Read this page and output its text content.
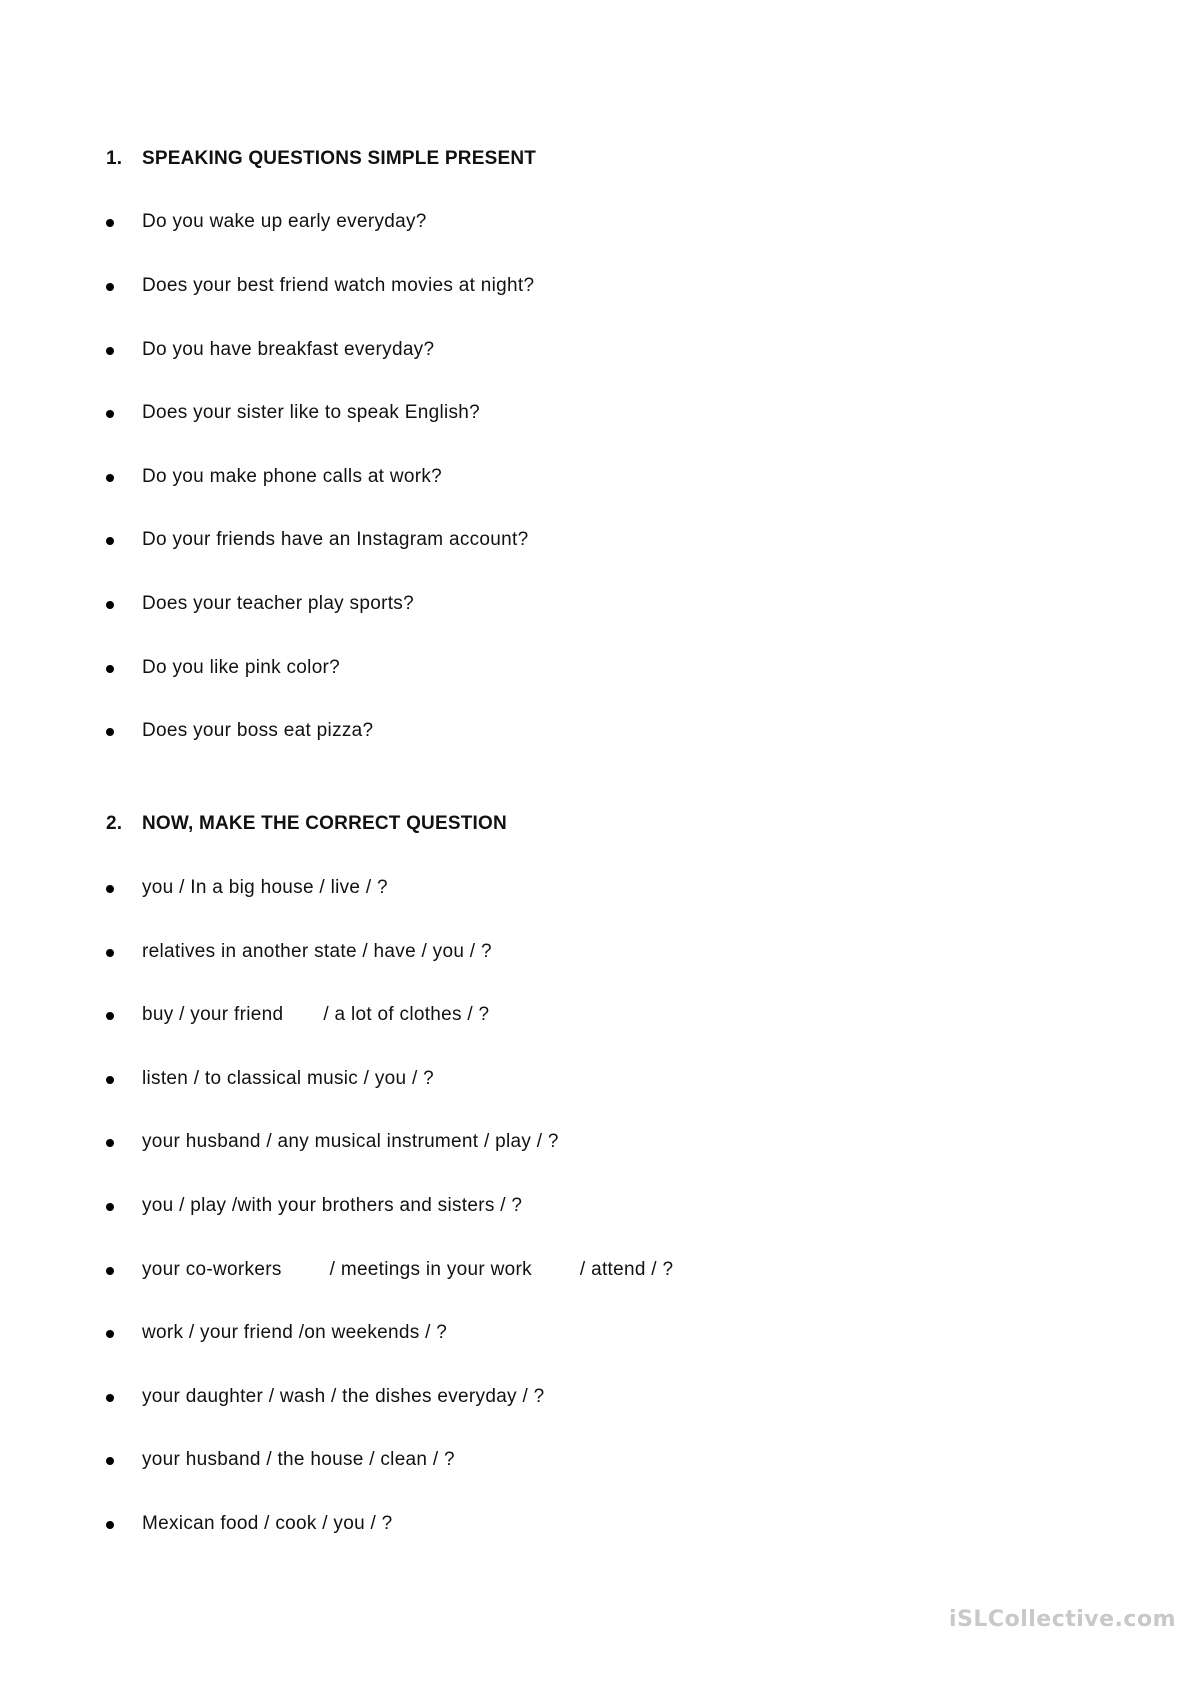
1. SPEAKING QUESTIONS SIMPLE PRESENT
Do you wake up early everyday?
Does your best friend watch movies at night?
Do you have breakfast everyday?
Does your sister like to speak English?
Do you make phone calls at work?
Do your friends have an Instagram account?
Does your teacher play sports?
Do you like pink color?
Does your boss eat pizza?
2. NOW, MAKE THE CORRECT QUESTION
you / In a big house / live / ?
relatives in another state / have / you / ?
buy / your friend / a lot of clothes / ?
listen / to classical music / you / ?
your husband / any musical instrument / play / ?
you / play /with your brothers and sisters / ?
your co-workers	/ meetings in your work	/ attend / ?
work / your friend /on weekends / ?
your daughter / wash / the dishes everyday / ?
your husband / the house / clean / ?
Mexican food / cook / you / ?
iSLCollective.com
